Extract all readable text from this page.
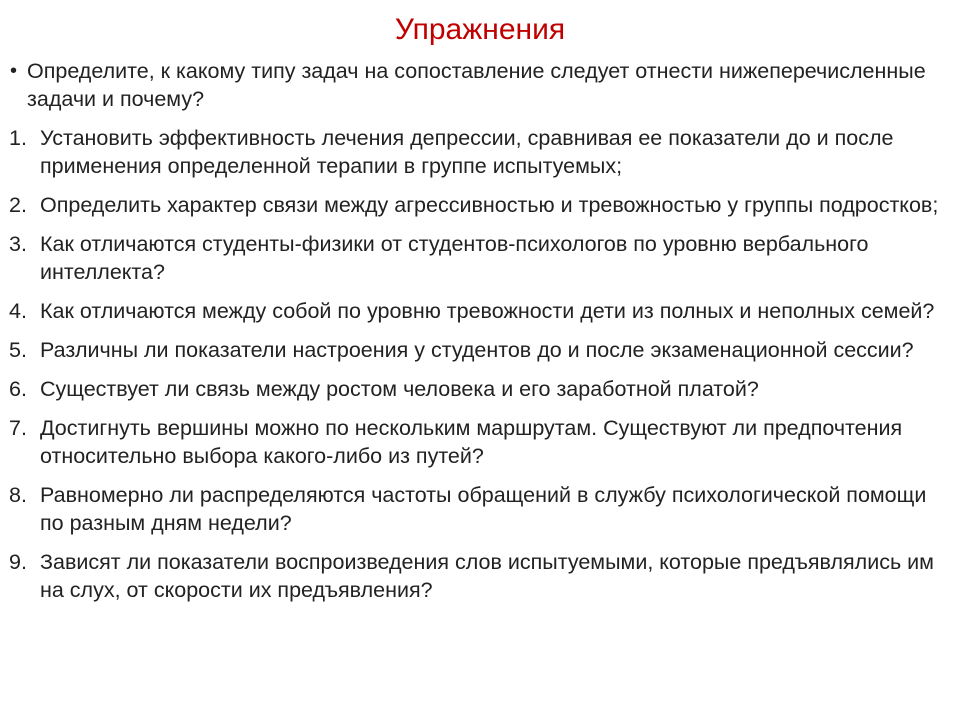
Упражнения
• Определите, к какому типу задач на сопоставление следует отнести нижеперечисленные задачи и почему?
1. Установить эффективность лечения депрессии, сравнивая ее показатели до и после применения определенной терапии в группе испытуемых;
2. Определить характер связи между агрессивностью и тревожностью у группы подростков;
3. Как отличаются студенты-физики от студентов-психологов по уровню вербального интеллекта?
4. Как отличаются между собой по уровню тревожности дети из полных и неполных семей?
5. Различны ли показатели настроения у студентов до и после экзаменационной сессии?
6. Существует ли связь между ростом человека и его заработной платой?
7. Достигнуть вершины можно по нескольким маршрутам. Существуют ли предпочтения относительно выбора какого-либо из путей?
8. Равномерно ли распределяются частоты обращений в службу психологической помощи по разным дням недели?
9. Зависят ли показатели воспроизведения слов испытуемыми, которые предъявлялись им на слух, от скорости их предъявления?
